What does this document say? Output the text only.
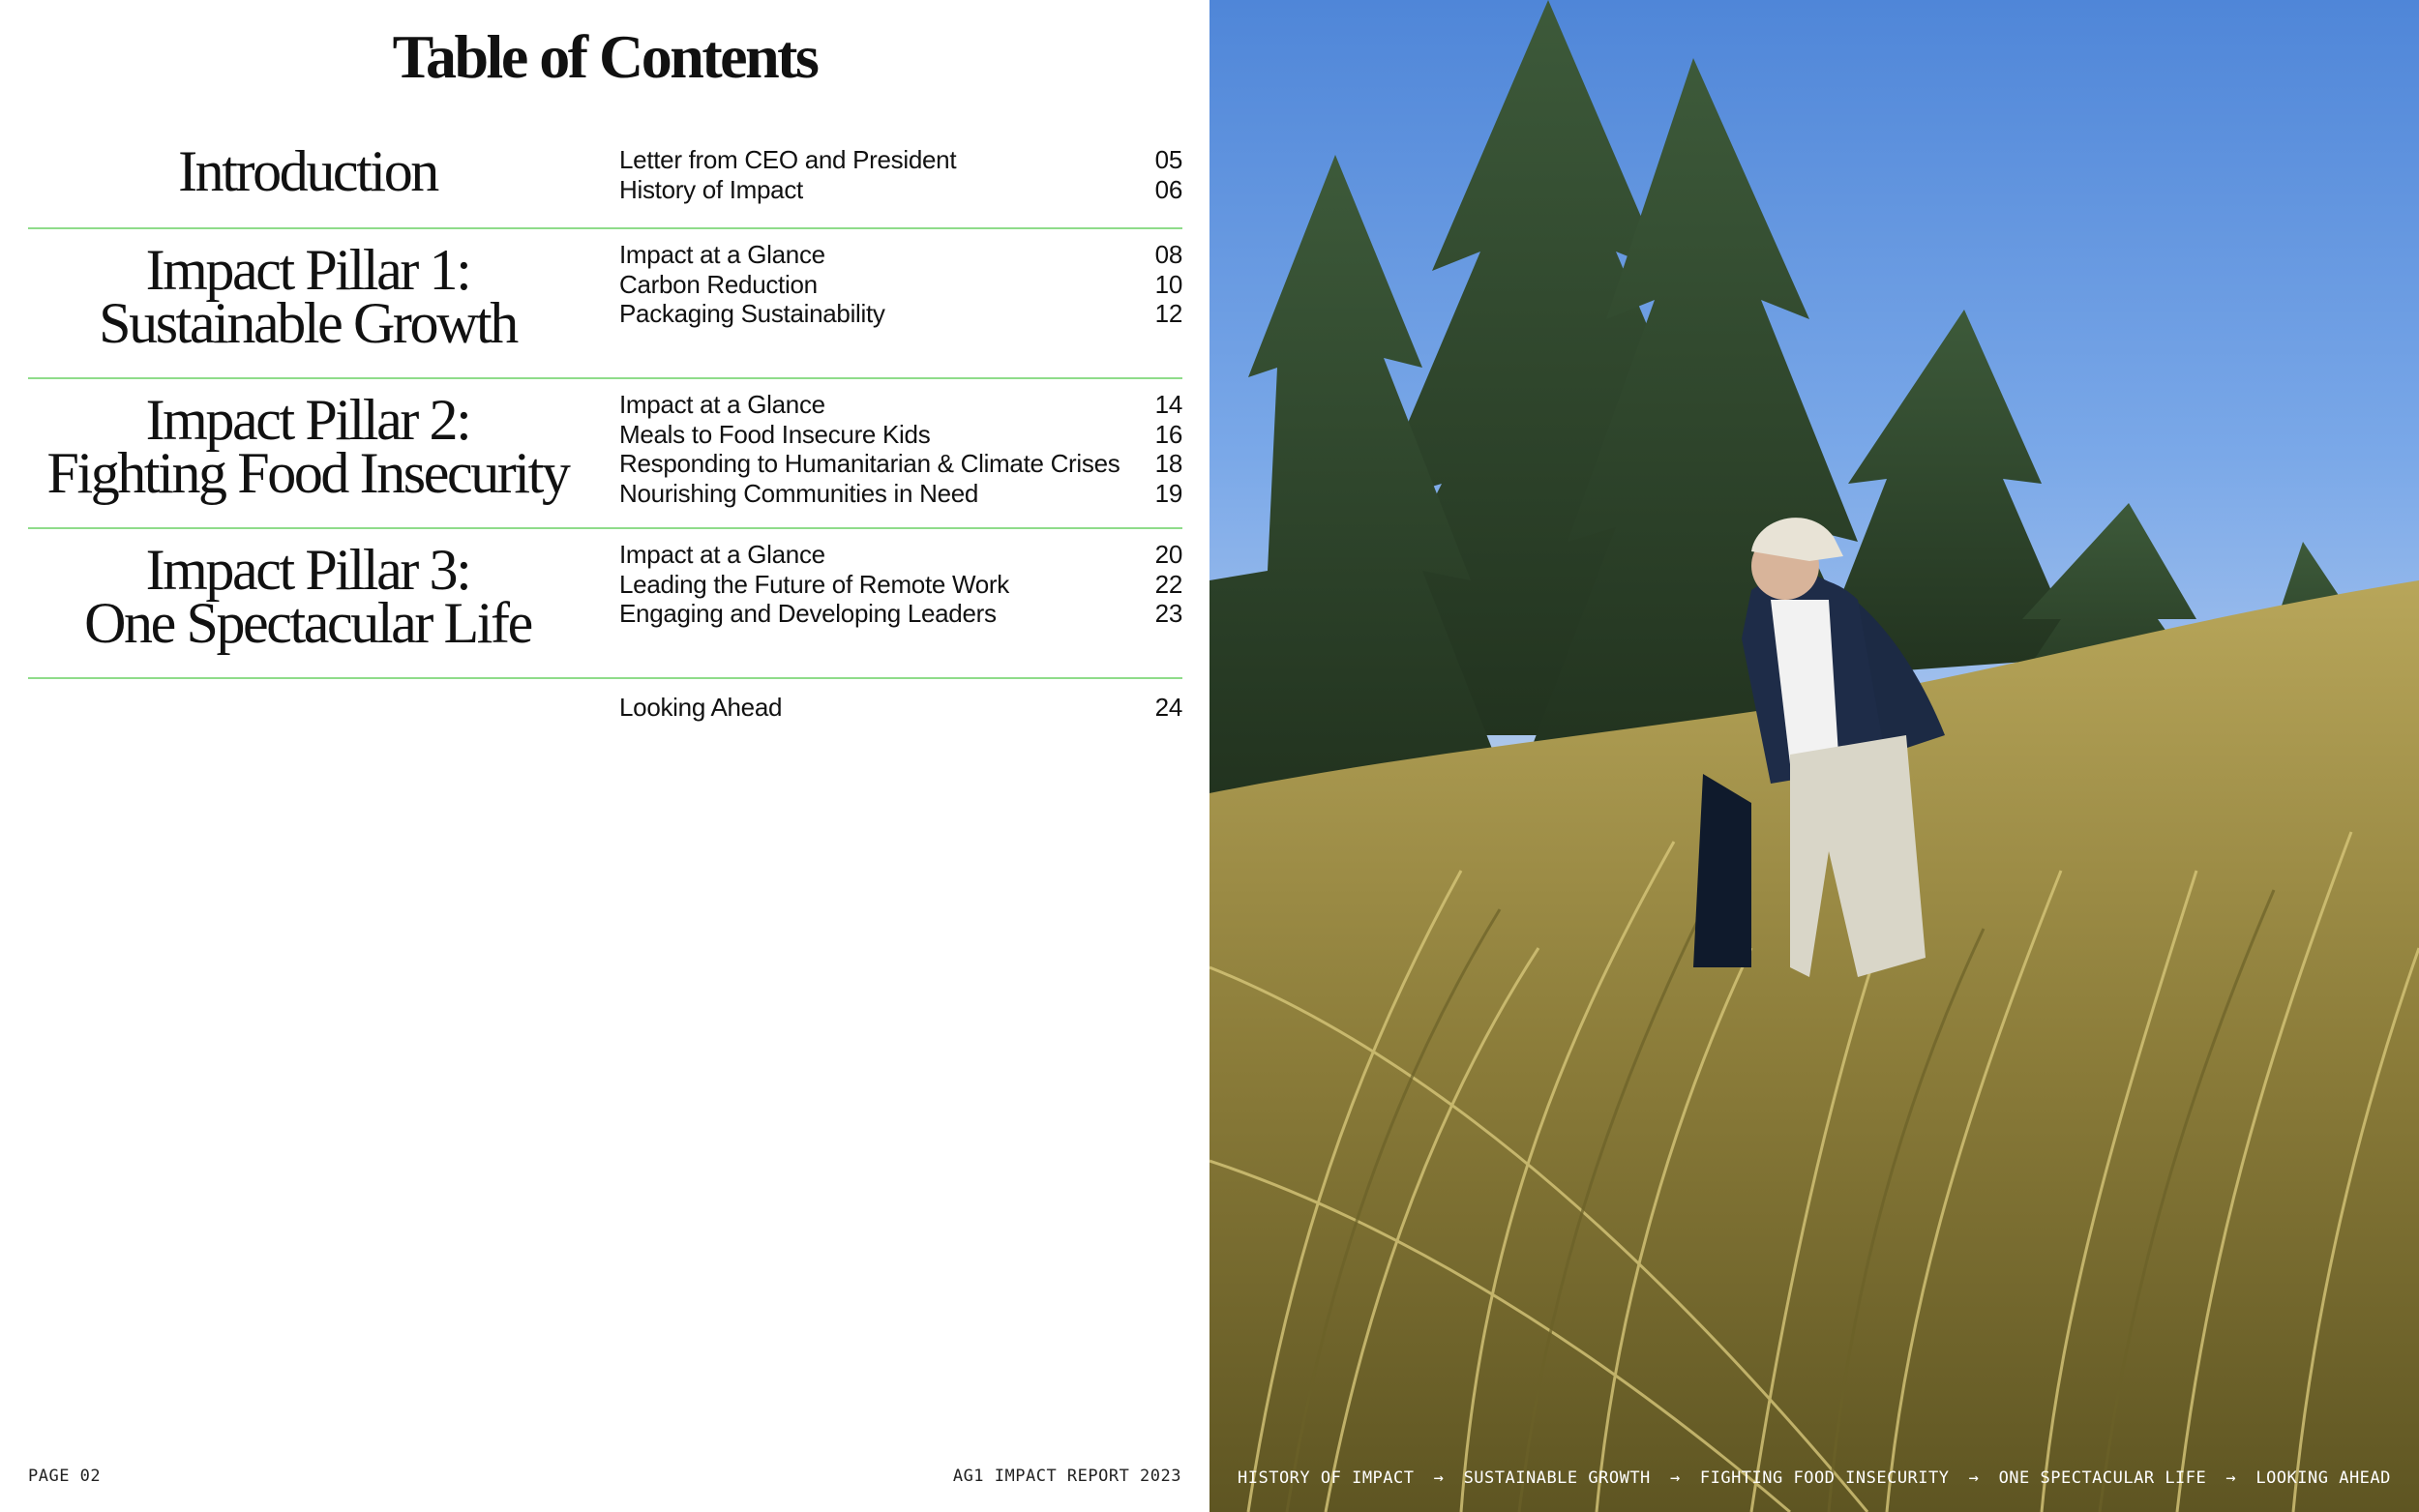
Table of Contents
Introduction	Letter from CEO and President	05
History of Impact	06
Impact Pillar 1:
Sustainable Growth
Impact at a Glance	08
Carbon Reduction	10
Packaging Sustainability	12
Impact Pillar 2:
Fighting Food Insecurity
Impact at a Glance	14
Meals to Food Insecure Kids	16
Responding to Humanitarian & Climate Crises 18
Nourishing Communities in Need	19
Impact Pillar 3:
One Spectacular Life
Impact at a Glance	20
Leading the Future of Remote Work	22
Engaging and Developing Leaders	23
Looking Ahead	24
PAGE 02	AG1 IMPACT REPORT 2023	HISTORY OF IMPACT → SUSTAINABLE GROWTH → FIGHTING FOOD INSECURITY → ONE SPECTACULAR LIFE → LOOKING AHEAD
